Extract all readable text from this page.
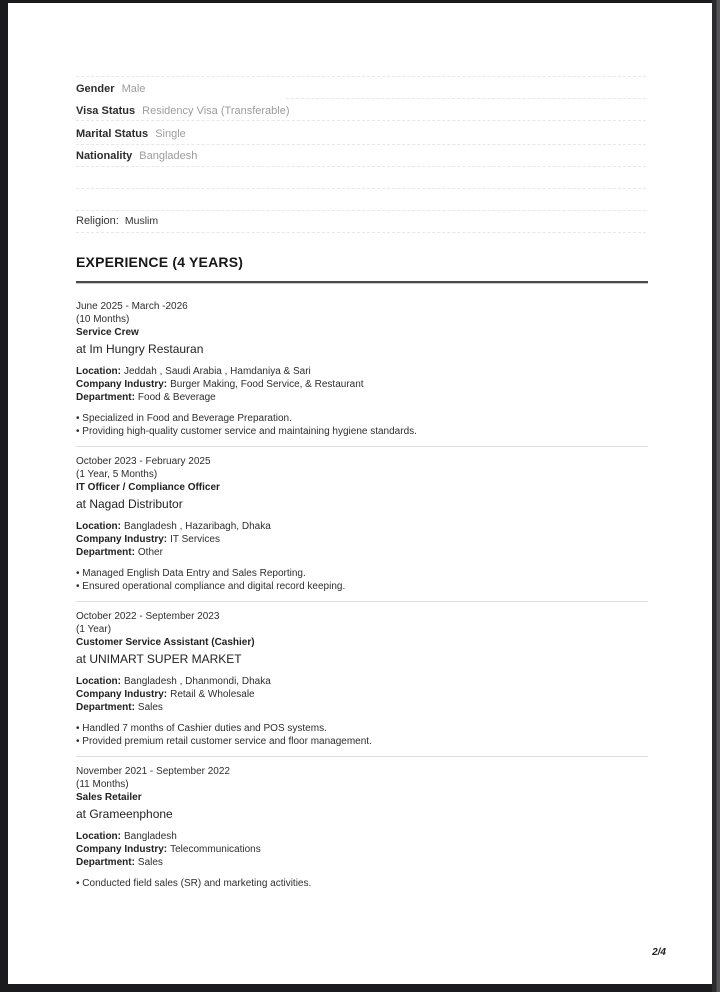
Gender Male
Visa Status Residency Visa (Transferable)
Marital Status Single
Nationality Bangladesh
Religion: Muslim
EXPERIENCE (4 YEARS)
June 2025 - March -2026
(10 Months)
Service Crew
at Im Hungry Restauran
Location: Jeddah , Saudi Arabia , Hamdaniya & Sari
Company Industry: Burger Making, Food Service, & Restaurant
Department: Food & Beverage
• Specialized in Food and Beverage Preparation.
• Providing high-quality customer service and maintaining hygiene standards.
October 2023 - February 2025
(1 Year, 5 Months)
IT Officer / Compliance Officer
at Nagad Distributor
Location: Bangladesh , Hazaribagh, Dhaka
Company Industry: IT Services
Department: Other
• Managed English Data Entry and Sales Reporting.
• Ensured operational compliance and digital record keeping.
October 2022 - September 2023
(1 Year)
Customer Service Assistant (Cashier)
at UNIMART SUPER MARKET
Location: Bangladesh , Dhanmondi, Dhaka
Company Industry: Retail & Wholesale
Department: Sales
• Handled 7 months of Cashier duties and POS systems.
• Provided premium retail customer service and floor management.
November 2021 - September 2022
(11 Months)
Sales Retailer
at Grameenphone
Location: Bangladesh
Company Industry: Telecommunications
Department: Sales
• Conducted field sales (SR) and marketing activities.
2/4
